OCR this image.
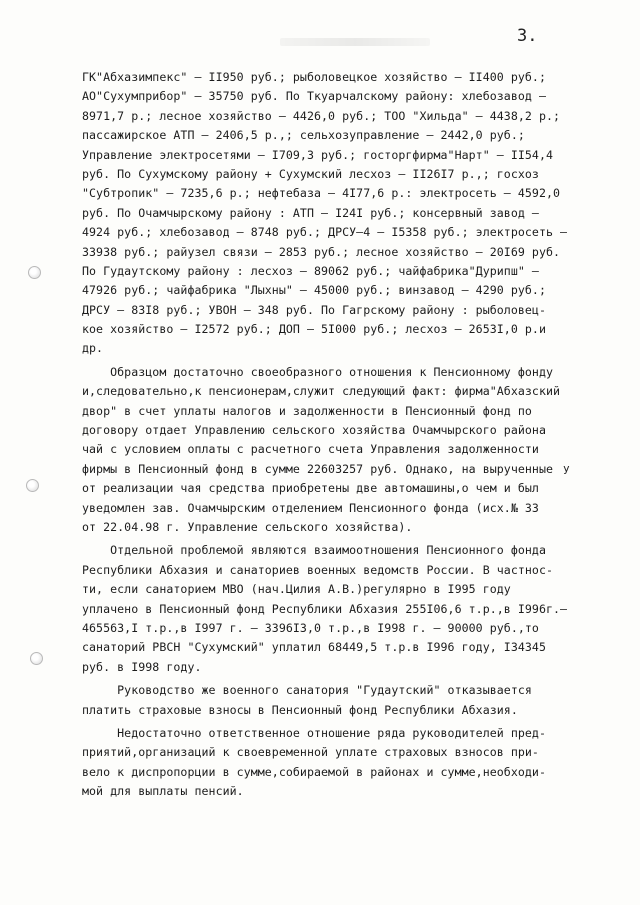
3.
у
ГК"Абхазимпекс" – II950 руб.; рыболовецкое хозяйство – II400 руб.;
АО"Сухумприбор" – 35750 руб. По Ткуарчалскому району: хлебозавод –
8971,7 р.; лесное хозяйство – 4426,0 руб.; ТОО "Хильда" – 4438,2 р.;
пассажирское АТП – 2406,5 р.,; сельхозуправление – 2442,0 руб.;
Управление электросетями – I709,3 руб.; госторгфирма"Нарт" – II54,4
руб. По Сухумскому району + Сухумский лесхоз – II26I7 р.,; госхоз
"Субтропик" – 7235,6 р.; нефтебаза – 4I77,6 р.: электросеть – 4592,0
руб. По Очамчырскому району : АТП – I24I руб.; консервный завод –
4924 руб.; хлебозавод – 8748 руб.; ДРСУ–4 – I5358 руб.; электросеть –
33938 руб.; райузел связи – 2853 руб.; лесное хозяйство – 20I69 руб.
По Гудаутскому району : лесхоз – 89062 руб.; чайфабрика"Дурипш" –
47926 руб.; чайфабрика "Лыхны" – 45000 руб.; винзавод – 4290 руб.;
ДРСУ – 83I8 руб.; УВОН – 348 руб. По Гагрскому району : рыболовец-
кое хозяйство – I2572 руб.; ДОП – 5I000 руб.; лесхоз – 2653I,0 р.и
др.
Образцом достаточно своеобразного отношения к Пенсионному фонду
и,следовательно,к пенсионерам,служит следующий факт: фирма"Абхазский
двор" в счет уплаты налогов и задолженности в Пенсионный фонд по
договору отдает Управлению сельского хозяйства Очамчырского района
чай с условием оплаты с расчетного счета Управления задолженности
фирмы в Пенсионный фонд в сумме 22603257 руб. Однако, на вырученные
от реализации чая средства приобретены две автомашины,о чем и был
уведомлен зав. Очамчырским отделением Пенсионного фонда (исх.№ 33
от 22.04.98 г. Управление сельского хозяйства).
Отдельной проблемой являются взаимоотношения Пенсионного фонда
Республики Абхазия и санаториев военных ведомств России. В частнос-
ти, если санаторием МВО (нач.Цилия А.В.)регулярно в I995 году
уплачено в Пенсионный фонд Республики Абхазия 255I06,6 т.р.,в I996г.–
465563,I т.р.,в I997 г. – 3396I3,0 т.р.,в I998 г. – 90000 руб.,то
санаторий РВСН "Сухумский" уплатил 68449,5 т.р.в I996 году, I34345
руб. в I998 году.
Руководство же военного санатория "Гудаутский" отказывается
платить страховые взносы в Пенсионный фонд Республики Абхазия.
Недостаточно ответственное отношение ряда руководителей пред-
приятий,организаций к своевременной уплате страховых взносов при-
вело к диспропорции в сумме,собираемой в районах и сумме,необходи-
мой для выплаты пенсий.
